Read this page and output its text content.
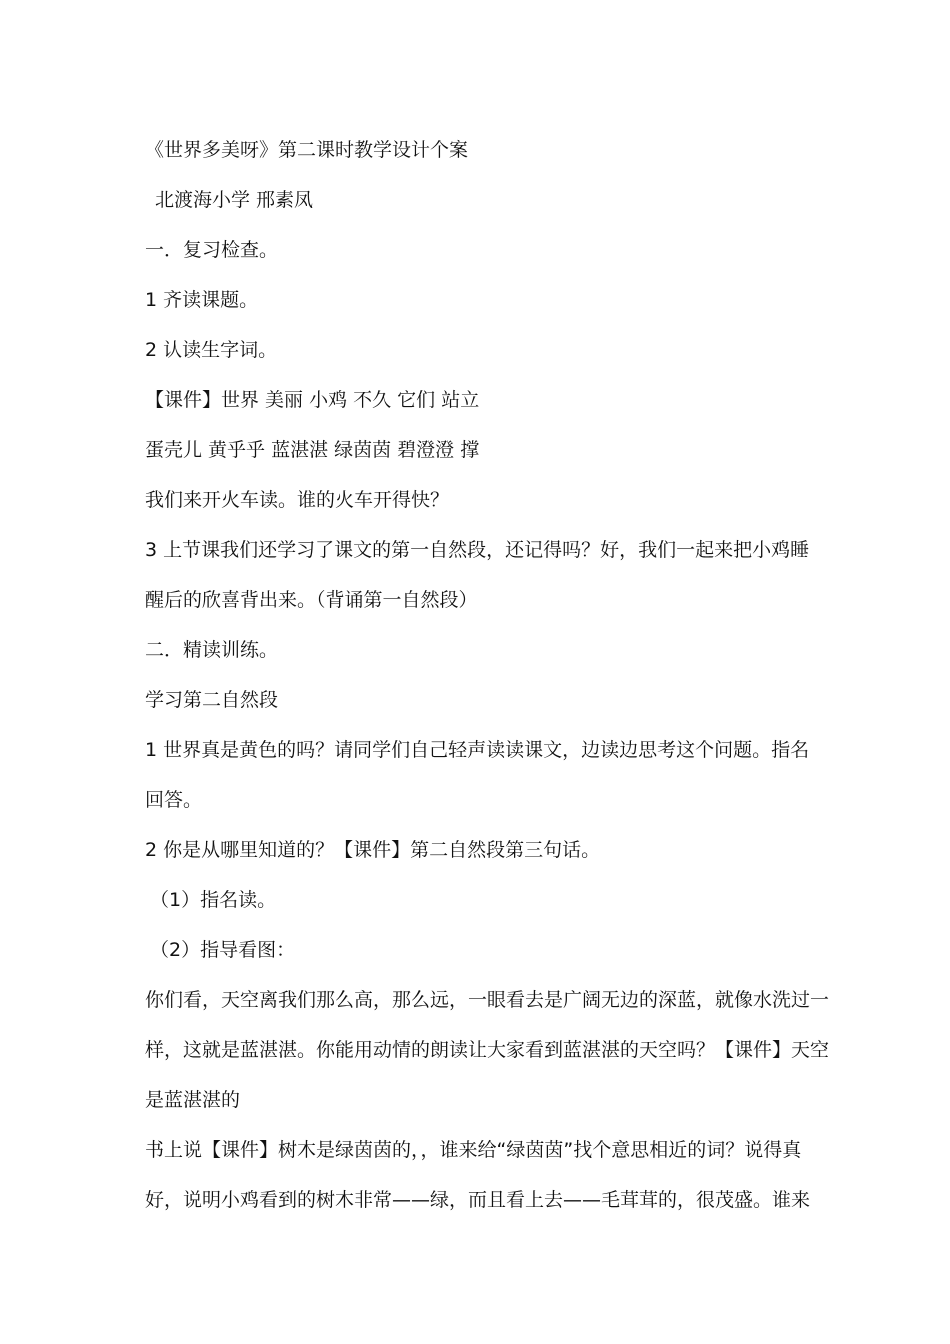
《世界多美呀》第二课时教学设计个案
北渡海小学 邢素凤
一．复习检查。
1 齐读课题。
2 认读生字词。
【课件】世界 美丽 小鸡 不久 它们 站立
蛋壳儿 黄乎乎 蓝湛湛 绿茵茵 碧澄澄 撑
我们来开火车读。谁的火车开得快？
3 上节课我们还学习了课文的第一自然段，还记得吗？好，我们一起来把小鸡睡
醒后的欣喜背出来。（背诵第一自然段）
二．精读训练。
学习第二自然段
1 世界真是黄色的吗？请同学们自己轻声读读课文，边读边思考这个问题。指名
回答。
2 你是从哪里知道的？【课件】第二自然段第三句话。
（1）指名读。
（2）指导看图：
你们看，天空离我们那么高，那么远，一眼看去是广阔无边的深蓝，就像水洗过一
样，这就是蓝湛湛。你能用动情的朗读让大家看到蓝湛湛的天空吗？【课件】天空
是蓝湛湛的
书上说【课件】树木是绿茵茵的，，谁来给“绿茵茵”找个意思相近的词？说得真
好，说明小鸡看到的树木非常——绿，而且看上去——毛茸茸的，很茂盛。谁来
